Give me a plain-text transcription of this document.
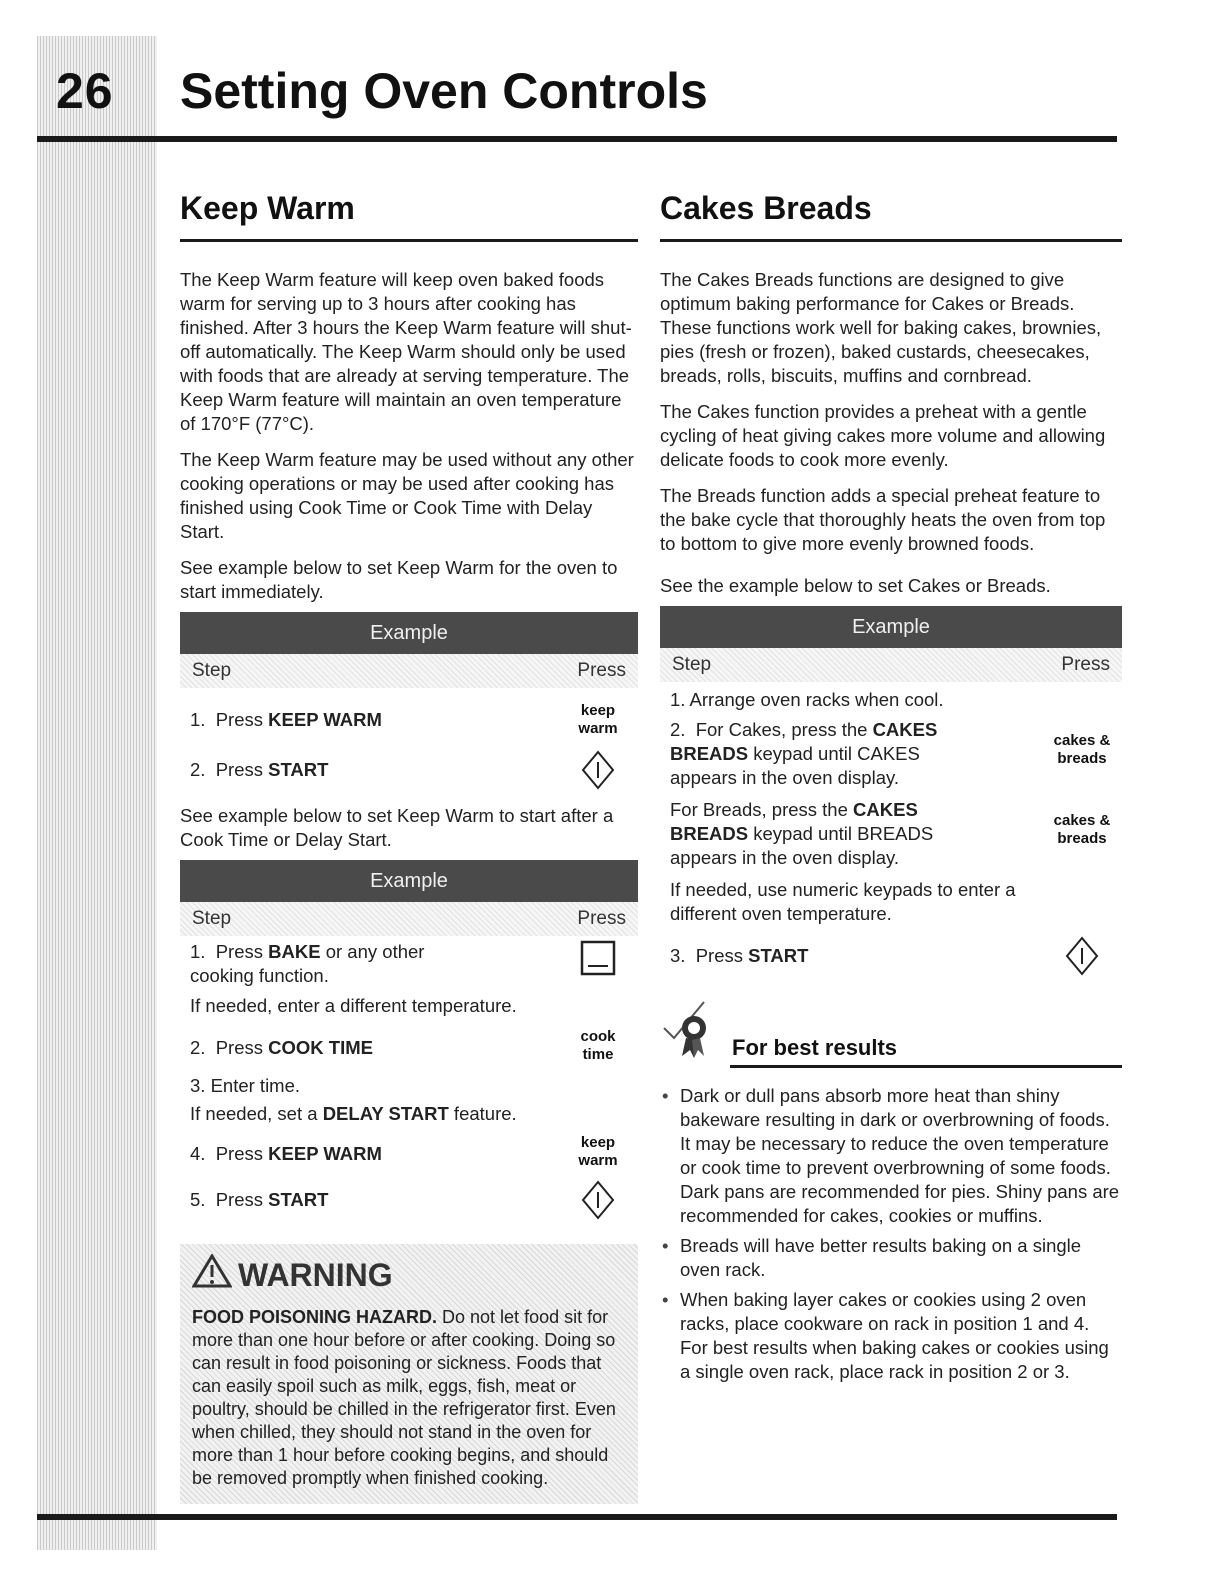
26 Setting Oven Controls
Keep Warm

The Keep Warm feature will keep oven baked foods warm for serving up to 3 hours after cooking has finished. After 3 hours the Keep Warm feature will shut-off automatically. The Keep Warm should only be used with foods that are already at serving temperature. The Keep Warm feature will maintain an oven temperature of 170°F (77°C).

The Keep Warm feature may be used without any other cooking operations or may be used after cooking has finished using Cook Time or Cook Time with Delay Start.

See example below to set Keep Warm for the oven to start immediately.

Example
Step	Press
1. Press KEEP WARM	keep
warm
2. Press START

See example below to set Keep Warm to start after a Cook Time or Delay Start.

Example
Step	Press
1. Press BAKE or any other
cooking function.
If needed, enter a different temperature.
2. Press COOK TIME
cook
time
3. Enter time.
If needed, set a DELAY START feature.
4. Press KEEP WARM
keep
warm
5. Press START
WARNING
FOOD POISONING HAZARD. Do not let food sit for more than one hour before or after cooking. Doing so can result in food poisoning or sickness. Foods that can easily spoil such as milk, eggs, fish, meat or poultry, should be chilled in the refrigerator first. Even when chilled, they should not stand in the oven for more than 1 hour before cooking begins, and should be removed promptly when finished cooking.
Cakes Breads

The Cakes Breads functions are designed to give optimum baking performance for Cakes or Breads. These functions work well for baking cakes, brownies, pies (fresh or frozen), baked custards, cheesecakes, breads, rolls, biscuits, muffins and cornbread.

The Cakes function provides a preheat with a gentle cycling of heat giving cakes more volume and allowing delicate foods to cook more evenly.

The Breads function adds a special preheat feature to the bake cycle that thoroughly heats the oven from top to bottom to give more evenly browned foods.

See the example below to set Cakes or Breads.

Example
Step	Press
1. Arrange oven racks when cool.
2. For Cakes, press the CAKES BREADS keypad until CAKES appears in the oven display.
cakes &
breads
For Breads, press the CAKES BREADS keypad until BREADS appears in the oven display.
cakes &
breads
If needed, use numeric keypads to enter a different oven temperature.
3. Press START
For best results
• Dark or dull pans absorb more heat than shiny bakeware resulting in dark or overbrowning of foods. It may be necessary to reduce the oven temperature or cook time to prevent overbrowning of some foods. Dark pans are recommended for pies. Shiny pans are recommended for cakes, cookies or muffins.
• Breads will have better results baking on a single oven rack.
• When baking layer cakes or cookies using 2 oven racks, place cookware on rack in position 1 and 4. For best results when baking cakes or cookies using a single oven rack, place rack in position 2 or 3.
